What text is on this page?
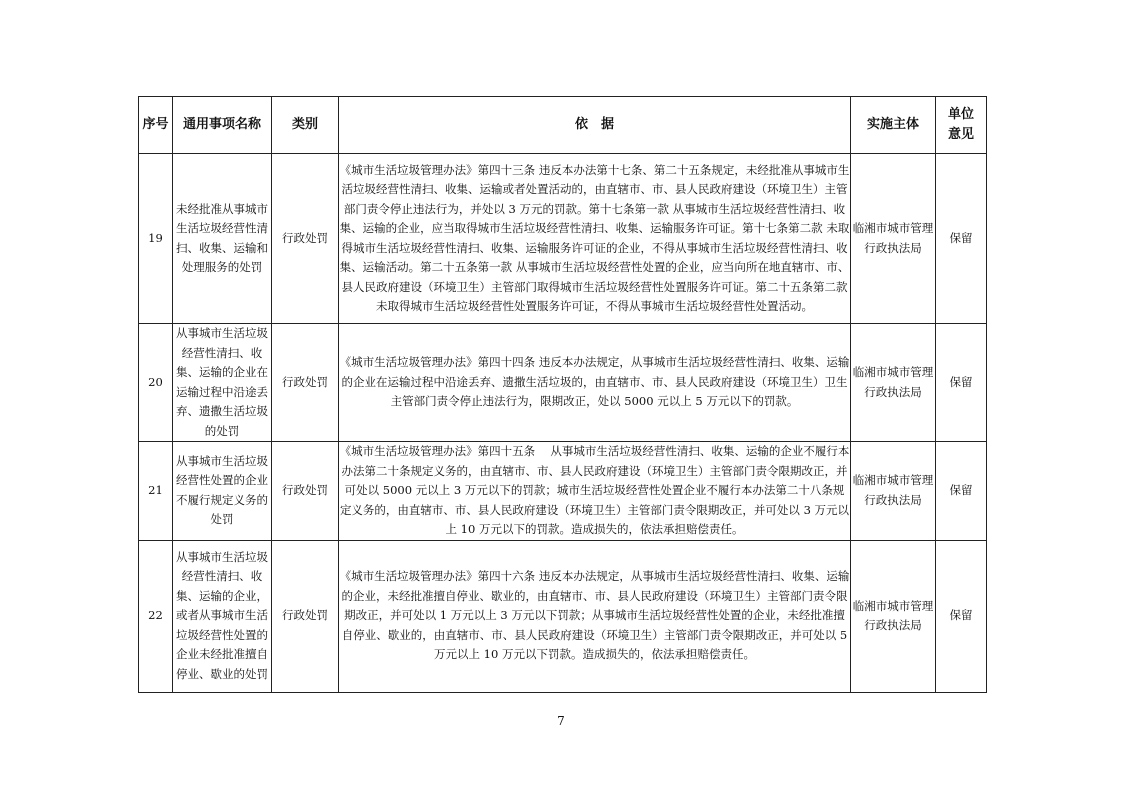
序号	通用事项名称	类别	依　据	实施主体	单位意见
19	未经批准从事城市生活垃圾经营性清扫、收集、运输和处理服务的处罚	行政处罚	《城市生活垃圾管理办法》第四十三条 违反本办法第十七条、第二十五条规定，未经批准从事城市生活垃圾经营性清扫、收集、运输或者处置活动的，由直辖市、市、县人民政府建设（环境卫生）主管部门责令停止违法行为，并处以 3 万元的罚款。第十七条第一款 从事城市生活垃圾经营性清扫、收集、运输的企业，应当取得城市生活垃圾经营性清扫、收集、运输服务许可证。第十七条第二款 未取得城市生活垃圾经营性清扫、收集、运输服务许可证的企业，不得从事城市生活垃圾经营性清扫、收集、运输活动。第二十五条第一款 从事城市生活垃圾经营性处置的企业，应当向所在地直辖市、市、县人民政府建设（环境卫生）主管部门取得城市生活垃圾经营性处置服务许可证。第二十五条第二款 未取得城市生活垃圾经营性处置服务许可证，不得从事城市生活垃圾经营性处置活动。	临湘市城市管理行政执法局	保留
20	从事城市生活垃圾经营性清扫、收集、运输的企业在运输过程中沿途丢弃、遗撒生活垃圾的处罚	行政处罚	《城市生活垃圾管理办法》第四十四条 违反本办法规定，从事城市生活垃圾经营性清扫、收集、运输的企业在运输过程中沿途丢弃、遗撒生活垃圾的，由直辖市、市、县人民政府建设（环境卫生）卫生主管部门责令停止违法行为，限期改正，处以 5000 元以上 5 万元以下的罚款。	临湘市城市管理行政执法局	保留
21	从事城市生活垃圾经营性处置的企业不履行规定义务的处罚	行政处罚	《城市生活垃圾管理办法》第四十五条　 从事城市生活垃圾经营性清扫、收集、运输的企业不履行本办法第二十条规定义务的，由直辖市、市、县人民政府建设（环境卫生）主管部门责令限期改正，并可处以 5000 元以上 3 万元以下的罚款；城市生活垃圾经营性处置企业不履行本办法第二十八条规定义务的，由直辖市、市、县人民政府建设（环境卫生）主管部门责令限期改正，并可处以 3 万元以上 10 万元以下的罚款。造成损失的，依法承担赔偿责任。	临湘市城市管理行政执法局	保留
22	从事城市生活垃圾经营性清扫、收集、运输的企业，或者从事城市生活垃圾经营性处置的企业未经批准擅自停业、歇业的处罚	行政处罚	《城市生活垃圾管理办法》第四十六条 违反本办法规定，从事城市生活垃圾经营性清扫、收集、运输的企业，未经批准擅自停业、歇业的，由直辖市、市、县人民政府建设（环境卫生）主管部门责令限期改正，并可处以 1 万元以上 3 万元以下罚款；从事城市生活垃圾经营性处置的企业，未经批准擅自停业、歇业的，由直辖市、市、县人民政府建设（环境卫生）主管部门责令限期改正，并可处以 5 万元以上 10 万元以下罚款。造成损失的，依法承担赔偿责任。	临湘市城市管理行政执法局	保留
7
